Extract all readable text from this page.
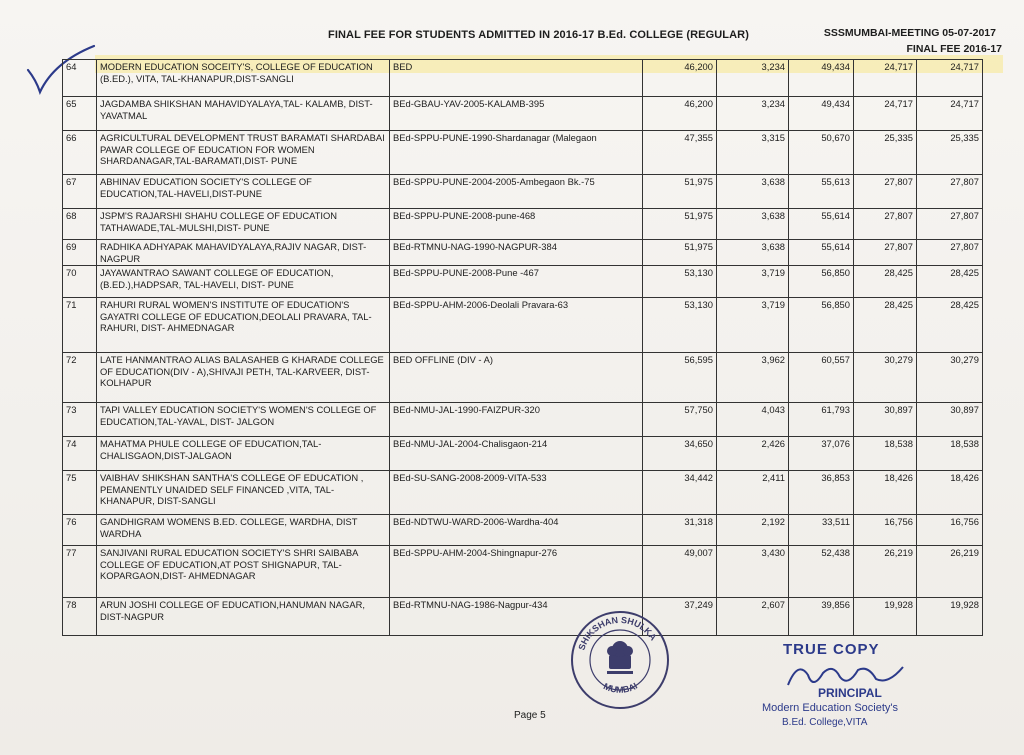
FINAL FEE FOR STUDENTS ADMITTED IN 2016-17 B.Ed. COLLEGE (REGULAR)	SSSMUMBAI-MEETING 05-07-2017
FINAL FEE 2016-17
64	MODERN EDUCATION SOCEITY'S, COLLEGE OF EDUCATION (B.ED.), VITA, TAL-KHANAPUR,DIST-SANGLI	BED	46,200	3,234	49,434	24,717	24,717
65	JAGDAMBA SHIKSHAN MAHAVIDYALAYA,TAL- KALAMB, DIST-YAVATMAL	BEd-GBAU-YAV-2005-KALAMB-395	46,200	3,234	49,434	24,717	24,717
66	AGRICULTURAL DEVELOPMENT TRUST BARAMATI SHARDABAI PAWAR COLLEGE OF EDUCATION FOR WOMEN SHARDANAGAR,TAL-BARAMATI,DIST- PUNE	BEd-SPPU-PUNE-1990-Shardanagar (Malegaon	47,355	3,315	50,670	25,335	25,335
67	ABHINAV EDUCATION SOCIETY'S COLLEGE OF EDUCATION,TAL-HAVELI,DIST-PUNE	BEd-SPPU-PUNE-2004-2005-Ambegaon Bk.-75	51,975	3,638	55,613	27,807	27,807
68	JSPM'S RAJARSHI SHAHU COLLEGE OF EDUCATION TATHAWADE,TAL-MULSHI,DIST- PUNE	BEd-SPPU-PUNE-2008-pune-468	51,975	3,638	55,614	27,807	27,807
69	RADHIKA ADHYAPAK MAHAVIDYALAYA,RAJIV NAGAR, DIST- NAGPUR	BEd-RTMNU-NAG-1990-NAGPUR-384	51,975	3,638	55,614	27,807	27,807
70	JAYAWANTRAO SAWANT COLLEGE OF EDUCATION, (B.ED.),HADPSAR, TAL-HAVELI, DIST- PUNE	BEd-SPPU-PUNE-2008-Pune -467	53,130	3,719	56,850	28,425	28,425
71	RAHURI RURAL WOMEN'S INSTITUTE OF EDUCATION'S GAYATRI COLLEGE OF EDUCATION,DEOLALI PRAVARA, TAL-RAHURI, DIST- AHMEDNAGAR	BEd-SPPU-AHM-2006-Deolali Pravara-63	53,130	3,719	56,850	28,425	28,425
72	LATE HANMANTRAO ALIAS BALASAHEB G KHARADE COLLEGE OF EDUCATION(DIV - A),SHIVAJI PETH, TAL-KARVEER, DIST- KOLHAPUR	BED OFFLINE (DIV - A)	56,595	3,962	60,557	30,279	30,279
73	TAPI VALLEY EDUCATION SOCIETY'S WOMEN'S COLLEGE OF EDUCATION,TAL-YAVAL, DIST- JALGON	BEd-NMU-JAL-1990-FAIZPUR-320	57,750	4,043	61,793	30,897	30,897
74	MAHATMA PHULE COLLEGE OF EDUCATION,TAL-CHALISGAON,DIST-JALGAON	BEd-NMU-JAL-2004-Chalisgaon-214	34,650	2,426	37,076	18,538	18,538
75	VAIBHAV SHIKSHAN SANTHA'S COLLEGE OF EDUCATION , PEMANENTLY UNAIDED SELF FINANCED ,VITA, TAL-KHANAPUR, DIST-SANGLI	BEd-SU-SANG-2008-2009-VITA-533	34,442	2,411	36,853	18,426	18,426
76	GANDHIGRAM WOMENS B.ED. COLLEGE, WARDHA, DIST WARDHA	BEd-NDTWU-WARD-2006-Wardha-404	31,318	2,192	33,511	16,756	16,756
77	SANJIVANI RURAL EDUCATION SOCIETY'S SHRI SAIBABA COLLEGE OF EDUCATION,AT POST SHIGNAPUR, TAL-KOPARGAON,DIST- AHMEDNAGAR	BEd-SPPU-AHM-2004-Shingnapur-276	49,007	3,430	52,438	26,219	26,219
78	ARUN JOSHI COLLEGE OF EDUCATION,HANUMAN NAGAR, DIST-NAGPUR	BEd-RTMNU-NAG-1986-Nagpur-434	37,249	2,607	39,856	19,928	19,928
SHIKSHAN SHULKA
MUMBAI
Page 5
TRUE COPY
PRINCIPAL
Modern Education Society's
B.Ed. College,VITA
